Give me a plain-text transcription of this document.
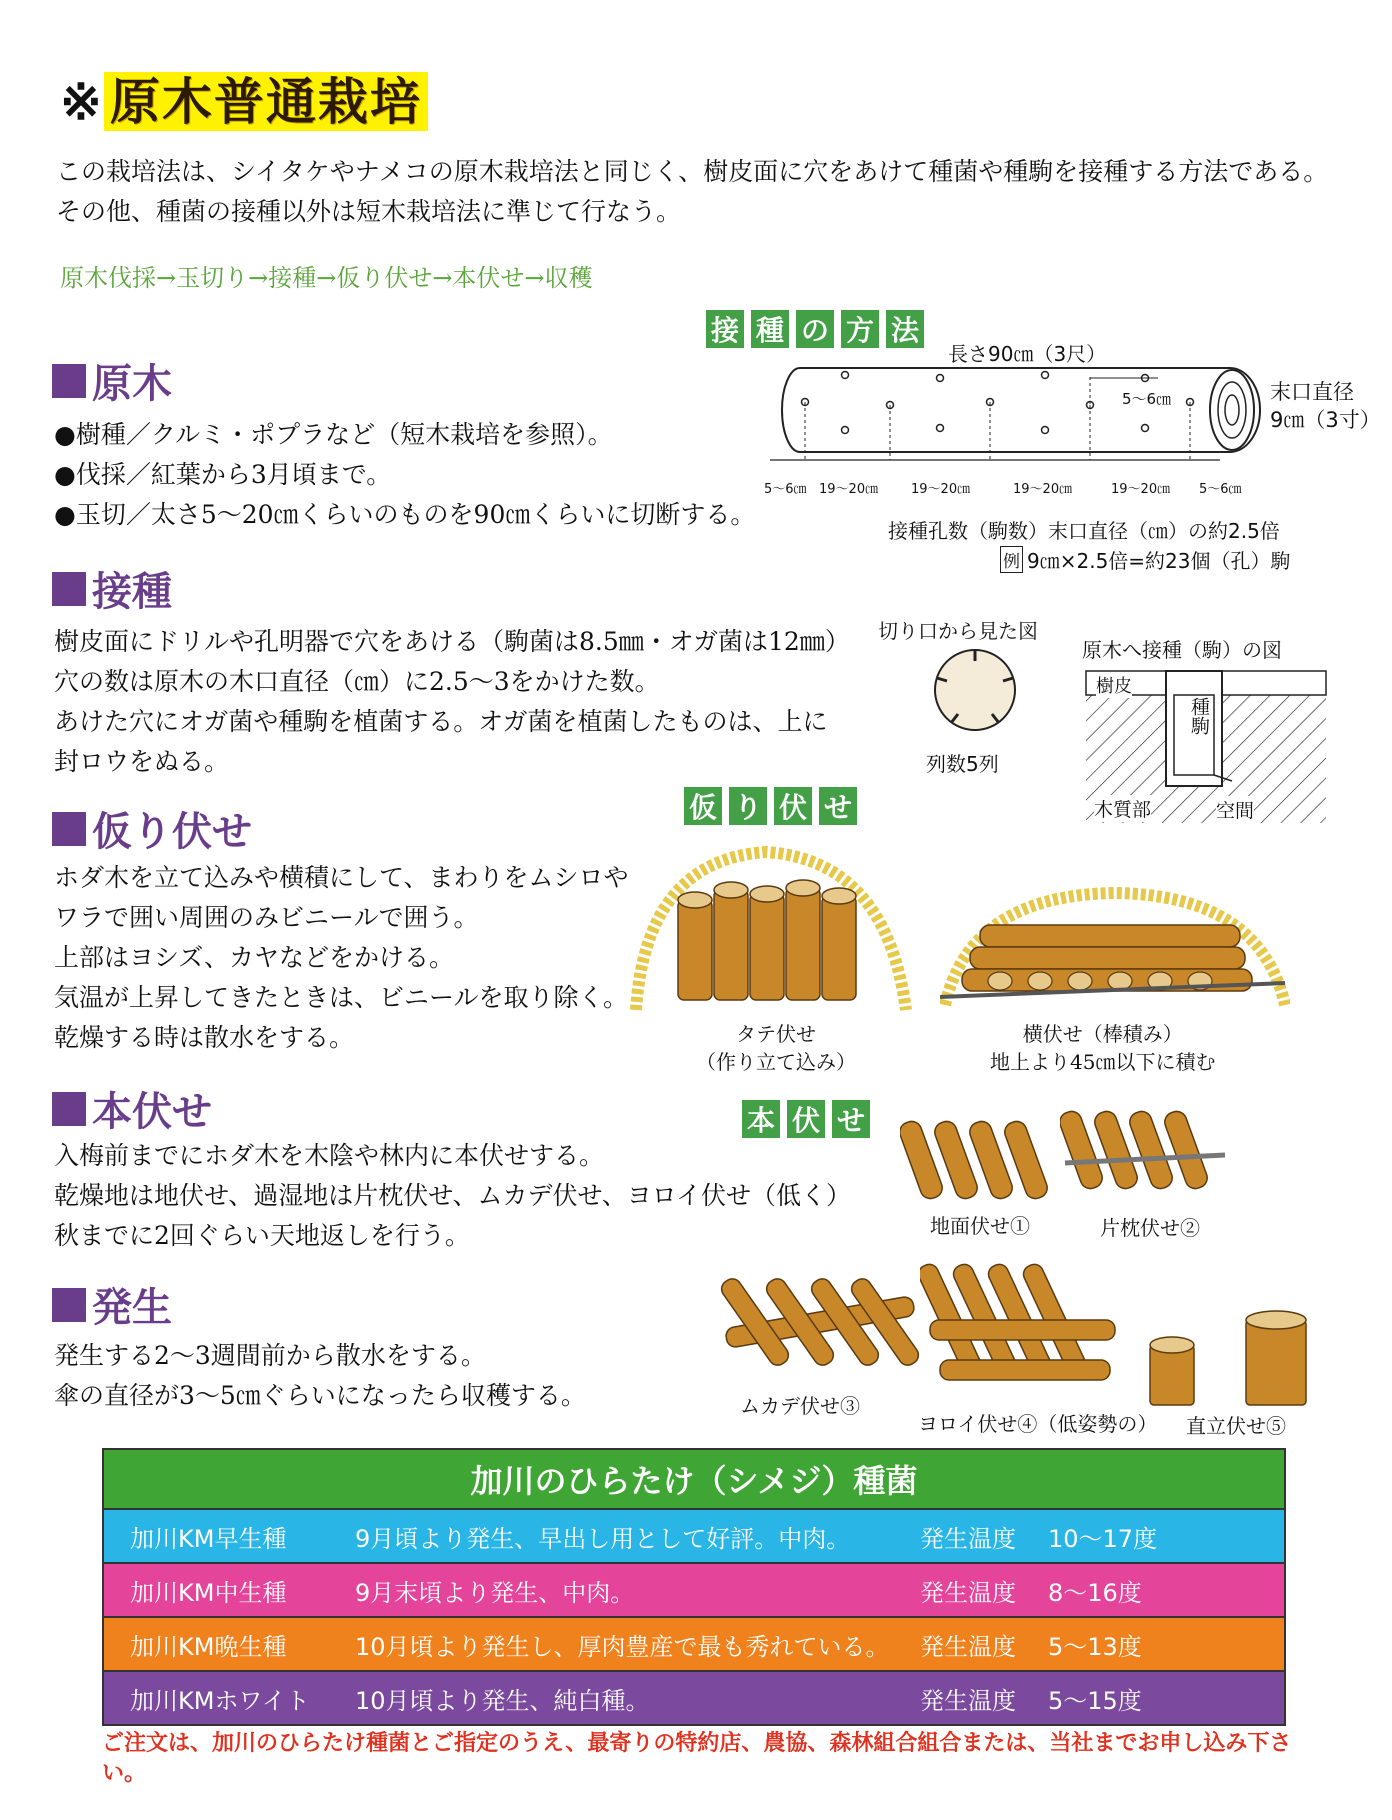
※ 原木普通栽培
この栽培法は、シイタケやナメコの原木栽培法と同じく、樹皮面に穴をあけて種菌や種駒を接種する方法である。
その他、種菌の接種以外は短木栽培法に準じて行なう。
原木伐採→玉切り→接種→仮り伏せ→本伏せ→収穫
原木
●樹種／クルミ・ポプラなど（短木栽培を参照）。
●伐採／紅葉から3月頃まで。
●玉切／太さ5〜20㎝くらいのものを90㎝くらいに切断する。
接種
樹皮面にドリルや孔明器で穴をあける（駒菌は8.5㎜・オガ菌は12㎜）
穴の数は原木の木口直径（㎝）に2.5〜3をかけた数。
あけた穴にオガ菌や種駒を植菌する。オガ菌を植菌したものは、上に
封ロウをぬる。
仮り伏せ
ホダ木を立て込みや横積にして、まわりをムシロや
ワラで囲い周囲のみビニールで囲う。
上部はヨシズ、カヤなどをかける。
気温が上昇してきたときは、ビニールを取り除く。
乾燥する時は散水をする。
本伏せ
入梅前までにホダ木を木陰や林内に本伏せする。
乾燥地は地伏せ、過湿地は片枕伏せ、ムカデ伏せ、ヨロイ伏せ（低く）
秋までに2回ぐらい天地返しを行う。
発生
発生する2〜3週間前から散水をする。
傘の直径が3〜5㎝ぐらいになったら収穫する。
接 種 の 方 法
長さ90㎝（3尺）
5〜6㎝	末口直径
9㎝（3寸）
5〜6㎝ 19〜20㎝	19〜20㎝	19〜20㎝	19〜20㎝	5〜6㎝
接種孔数（駒数）末口直径（㎝）の約2.5倍
例 9㎝×2.5倍=約23個（孔）駒
切り口から見た図
列数5列
原木へ接種（駒）の図
樹皮
種駒
木質部	空間
仮 り 伏 せ
タテ伏せ
（作り立て込み）
横伏せ（棒積み）
地上より45㎝以下に積む
本 伏 せ
地面伏せ①	片枕伏せ②
ムカデ伏せ③
ヨロイ伏せ④（低姿勢の） 直立伏せ⑤
加川のひらたけ（シメジ）種菌
加川KM早生種	9月頃より発生、早出し用として好評。中肉。	発生温度	10〜17度
加川KM中生種	9月末頃より発生、中肉。	発生温度	8〜16度
加川KM晩生種	10月頃より発生し、厚肉豊産で最も秀れている。	発生温度	5〜13度
加川KMホワイト	10月頃より発生、純白種。	発生温度	5〜15度
ご注文は、加川のひらたけ種菌とご指定のうえ、最寄りの特約店、農協、森林組合組合または、当社までお申し込み下さい。
